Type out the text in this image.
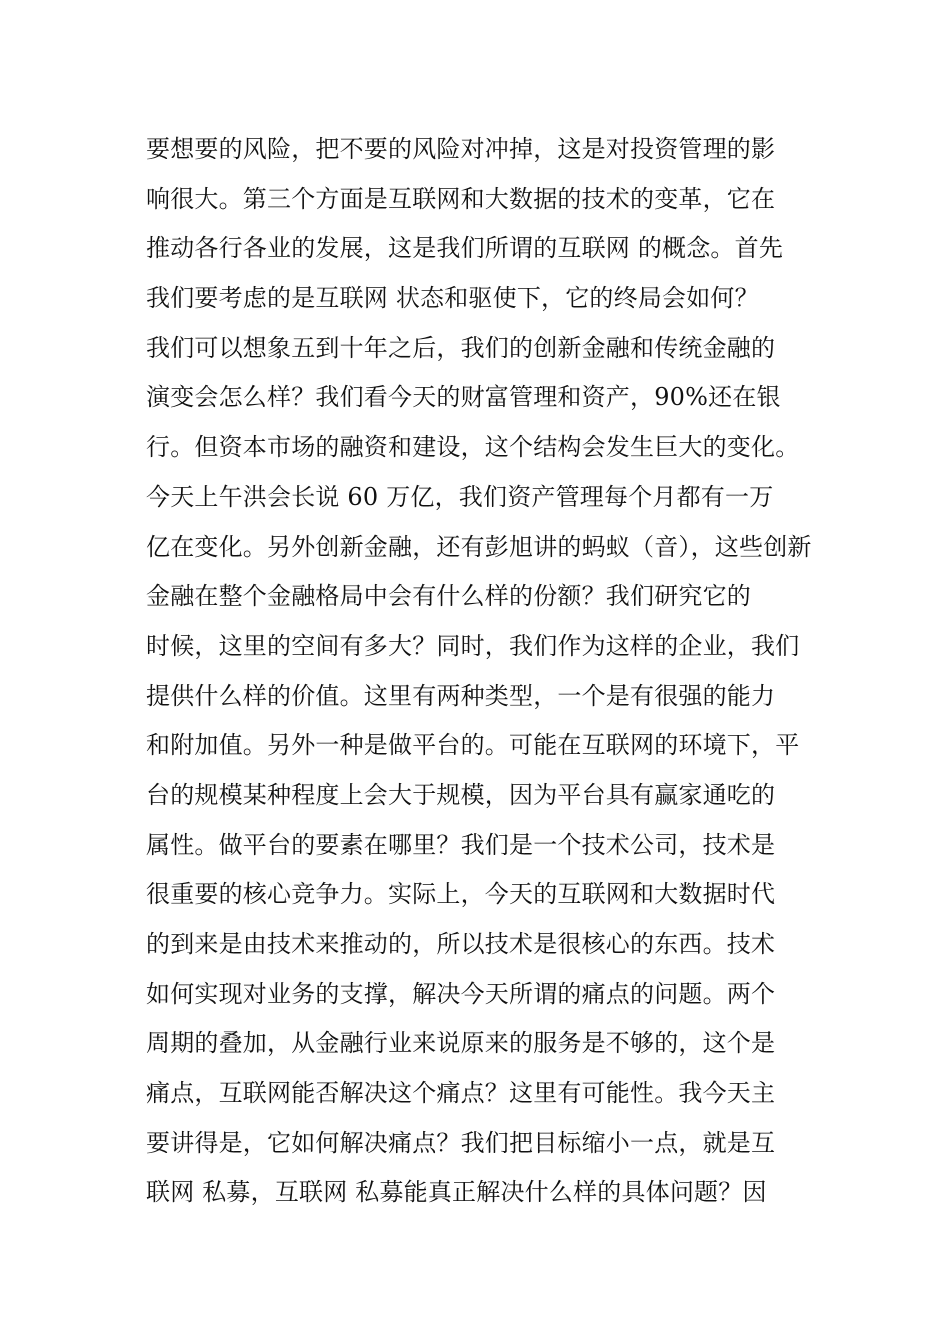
要想要的风险，把不要的风险对冲掉，这是对投资管理的影
响很大。第三个方面是互联网和大数据的技术的变革，它在
推动各行各业的发展，这是我们所谓的互联网 的概念。首先
我们要考虑的是互联网 状态和驱使下，它的终局会如何？
我们可以想象五到十年之后，我们的创新金融和传统金融的
演变会怎么样？我们看今天的财富管理和资产，90%还在银
行。但资本市场的融资和建设，这个结构会发生巨大的变化。
今天上午洪会长说 60 万亿，我们资产管理每个月都有一万
亿在变化。另外创新金融，还有彭旭讲的蚂蚁（音），这些创新
金融在整个金融格局中会有什么样的份额？我们研究它的
时候，这里的空间有多大？同时，我们作为这样的企业，我们
提供什么样的价值。这里有两种类型，一个是有很强的能力
和附加值。另外一种是做平台的。可能在互联网的环境下，平
台的规模某种程度上会大于规模，因为平台具有赢家通吃的
属性。做平台的要素在哪里？我们是一个技术公司，技术是
很重要的核心竞争力。实际上，今天的互联网和大数据时代
的到来是由技术来推动的，所以技术是很核心的东西。技术
如何实现对业务的支撑，解决今天所谓的痛点的问题。两个
周期的叠加，从金融行业来说原来的服务是不够的，这个是
痛点，互联网能否解决这个痛点？这里有可能性。我今天主
要讲得是，它如何解决痛点？我们把目标缩小一点，就是互
联网 私募，互联网 私募能真正解决什么样的具体问题？因
